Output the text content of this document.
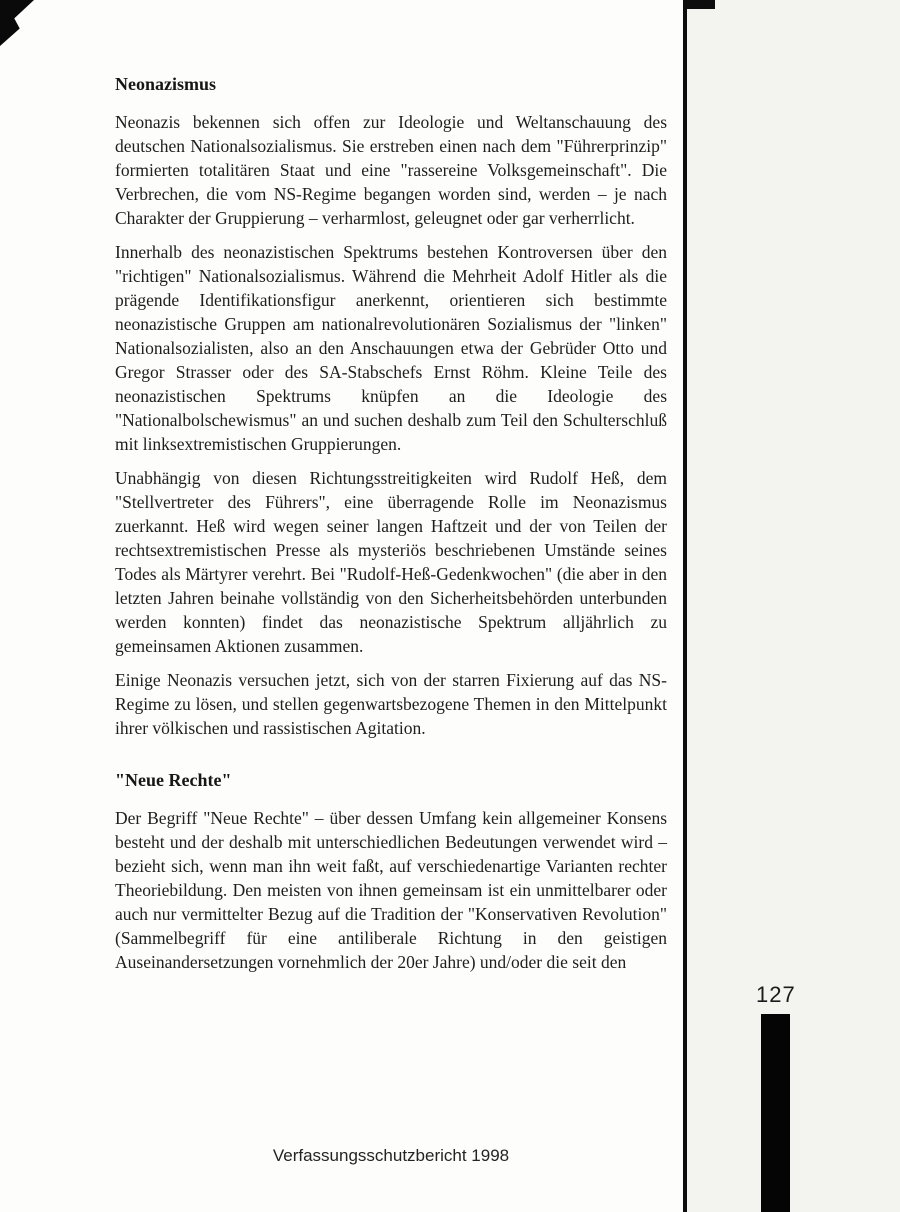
Neonazismus

Neonazis bekennen sich offen zur Ideologie und Weltanschauung des deutschen Nationalsozialismus. Sie erstreben einen nach dem "Führerprinzip" formierten totalitären Staat und eine "rassereine Volksgemeinschaft". Die Verbrechen, die vom NS-Regime begangen worden sind, werden – je nach Charakter der Gruppierung – verharmlost, geleugnet oder gar verherrlicht.

Innerhalb des neonazistischen Spektrums bestehen Kontroversen über den "richtigen" Nationalsozialismus. Während die Mehrheit Adolf Hitler als die prägende Identifikationsfigur anerkennt, orientieren sich bestimmte neonazistische Gruppen am nationalrevolutionären Sozialismus der "linken" Nationalsozialisten, also an den Anschauungen etwa der Gebrüder Otto und Gregor Strasser oder des SA-Stabschefs Ernst Röhm. Kleine Teile des neonazistischen Spektrums knüpfen an die Ideologie des "Nationalbolschewismus" an und suchen deshalb zum Teil den Schulterschluß mit linksextremistischen Gruppierungen.

Unabhängig von diesen Richtungsstreitigkeiten wird Rudolf Heß, dem "Stellvertreter des Führers", eine überragende Rolle im Neonazismus zuerkannt. Heß wird wegen seiner langen Haftzeit und der von Teilen der rechtsextremistischen Presse als mysteriös beschriebenen Umstände seines Todes als Märtyrer verehrt. Bei "Rudolf-Heß-Gedenkwochen" (die aber in den letzten Jahren beinahe vollständig von den Sicherheitsbehörden unterbunden werden konnten) findet das neonazistische Spektrum alljährlich zu gemeinsamen Aktionen zusammen.

Einige Neonazis versuchen jetzt, sich von der starren Fixierung auf das NS-Regime zu lösen, und stellen gegenwartsbezogene Themen in den Mittelpunkt ihrer völkischen und rassistischen Agitation.

"Neue Rechte"

Der Begriff "Neue Rechte" – über dessen Umfang kein allgemeiner Konsens besteht und der deshalb mit unterschiedlichen Bedeutungen verwendet wird – bezieht sich, wenn man ihn weit faßt, auf verschiedenartige Varianten rechter Theoriebildung. Den meisten von ihnen gemeinsam ist ein unmittelbarer oder auch nur vermittelter Bezug auf die Tradition der "Konservativen Revolution" (Sammelbegriff für eine antiliberale Richtung in den geistigen Auseinandersetzungen vornehmlich der 20er Jahre) und/oder die seit den

127
Verfassungsschutzbericht 1998
